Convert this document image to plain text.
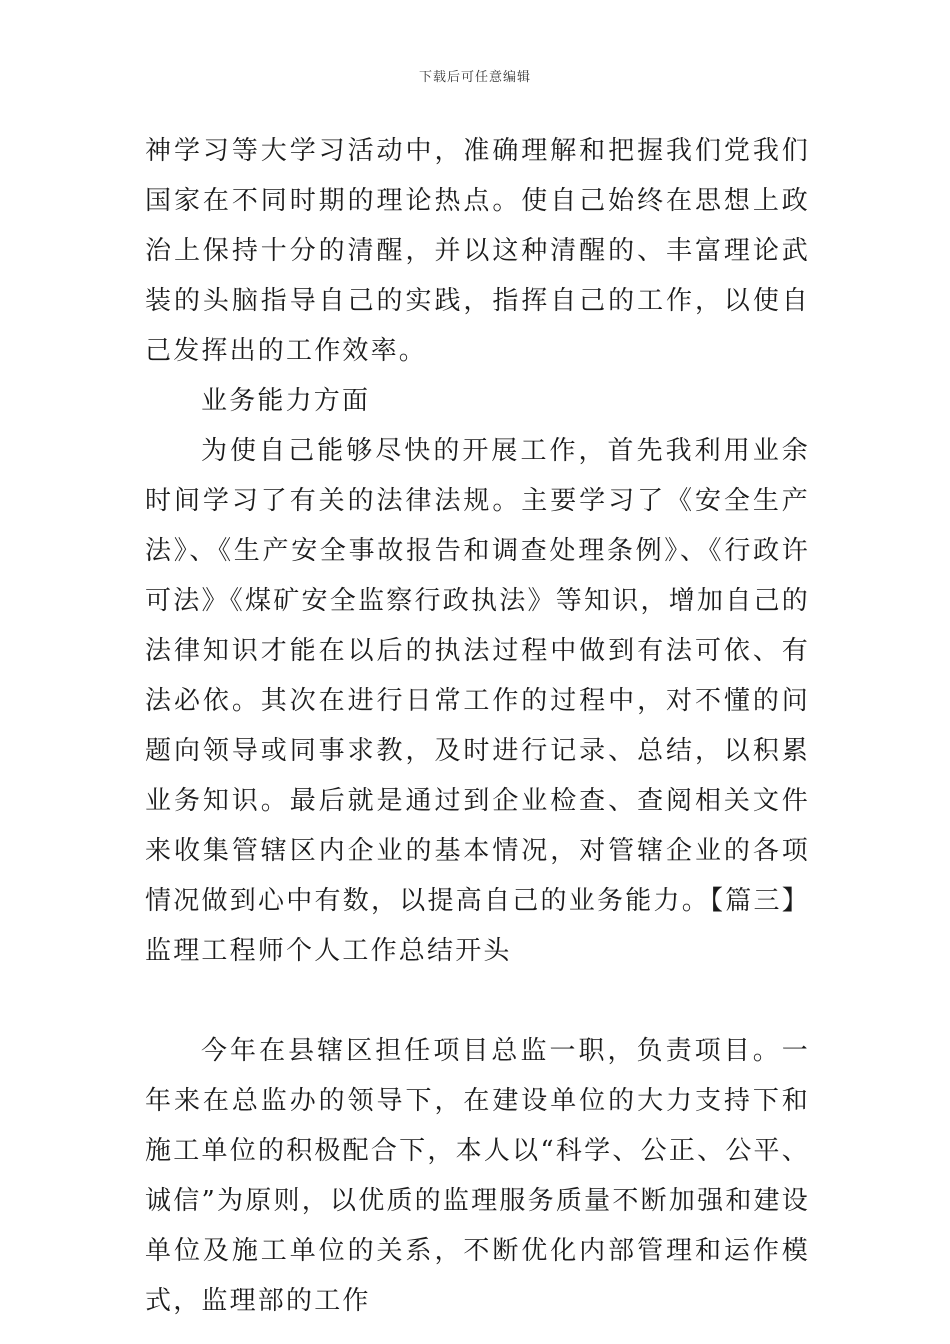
下载后可任意编辑

神学习等大学习活动中，准确理解和把握我们党我们国家在不同时期的理论热点。使自己始终在思想上政治上保持十分的清醒，并以这种清醒的、丰富理论武装的头脑指导自己的实践，指挥自己的工作，以使自己发挥出的工作效率。

业务能力方面

为使自己能够尽快的开展工作，首先我利用业余时间学习了有关的法律法规。主要学习了《安全生产法》、《生产安全事故报告和调查处理条例》、《行政许可法》《煤矿安全监察行政执法》等知识，增加自己的法律知识才能在以后的执法过程中做到有法可依、有法必依。其次在进行日常工作的过程中，对不懂的问题向领导或同事求教，及时进行记录、总结，以积累业务知识。最后就是通过到企业检查、查阅相关文件来收集管辖区内企业的基本情况，对管辖企业的各项情况做到心中有数，以提高自己的业务能力。【篇三】监理工程师个人工作总结开头

今年在县辖区担任项目总监一职，负责项目。一年来在总监办的领导下，在建设单位的大力支持下和施工单位的积极配合下，本人以“科学、公正、公平、诚信”为原则，以优质的监理服务质量不断加强和建设单位及施工单位的关系，不断优化内部管理和运作模式，监理部的工作
